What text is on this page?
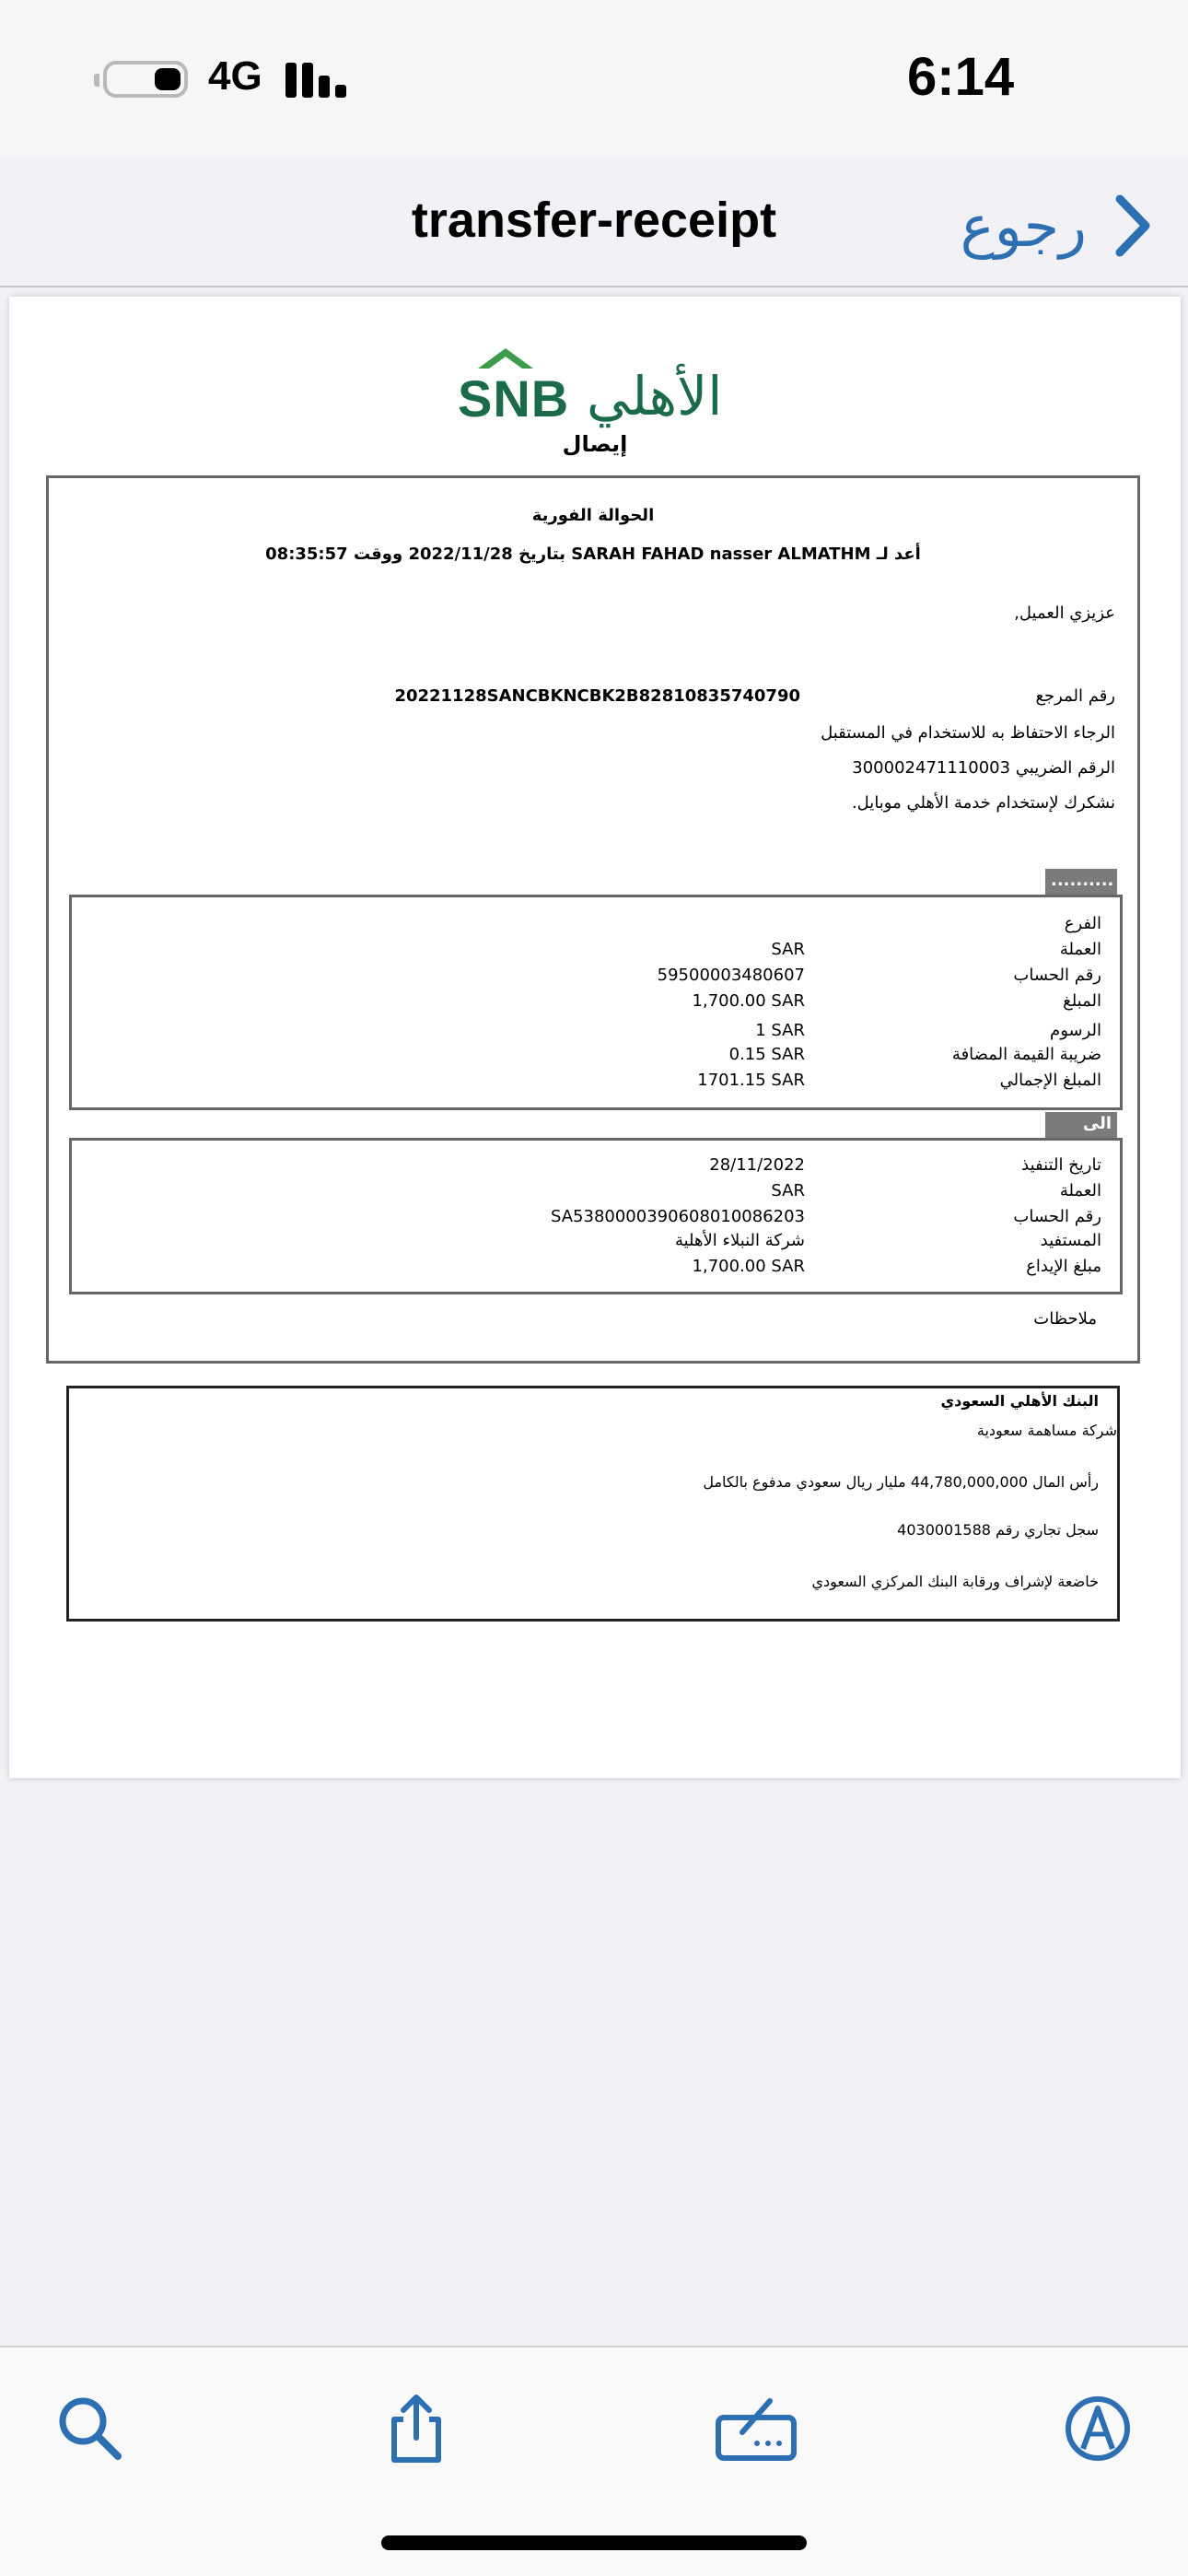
4G	6:14
transfer-receipt	رجوع
SNB الأهلي
إيصال
الحوالة الفورية
أعد لـ SARAH FAHAD nasser ALMATHM بتاريخ 2022/11/28 ووقت 08:35:57
عزيزي العميل,
رقم المرجع
20221128SANCBKNCBK2B82810835740790
الرجاء الاحتفاظ به للاستخدام في المستقبل
الرقم الضريبي 300002471110003
نشكرك لإستخدام خدمة الأهلي موبايل.
..........
الفرع
العملة
SAR
رقم الحساب
59500003480607
المبلغ
1,700.00 SAR
الرسوم
1 SAR
ضريبة القيمة المضافة
0.15 SAR
المبلغ الإجمالي
1701.15 SAR
الى
تاريخ التنفيذ
28/11/2022
العملة
SAR
رقم الحساب
SA5380000390608010086203
المستفيد
شركة النبلاء الأهلية
مبلغ الإيداع
1,700.00 SAR
ملاحظات
البنك الأهلي السعودي
شركة مساهمة سعودية
رأس المال 44,780,000,000 مليار ريال سعودي مدفوع بالكامل
سجل تجاري رقم 4030001588
خاضعة لإشراف ورقابة البنك المركزي السعودي
